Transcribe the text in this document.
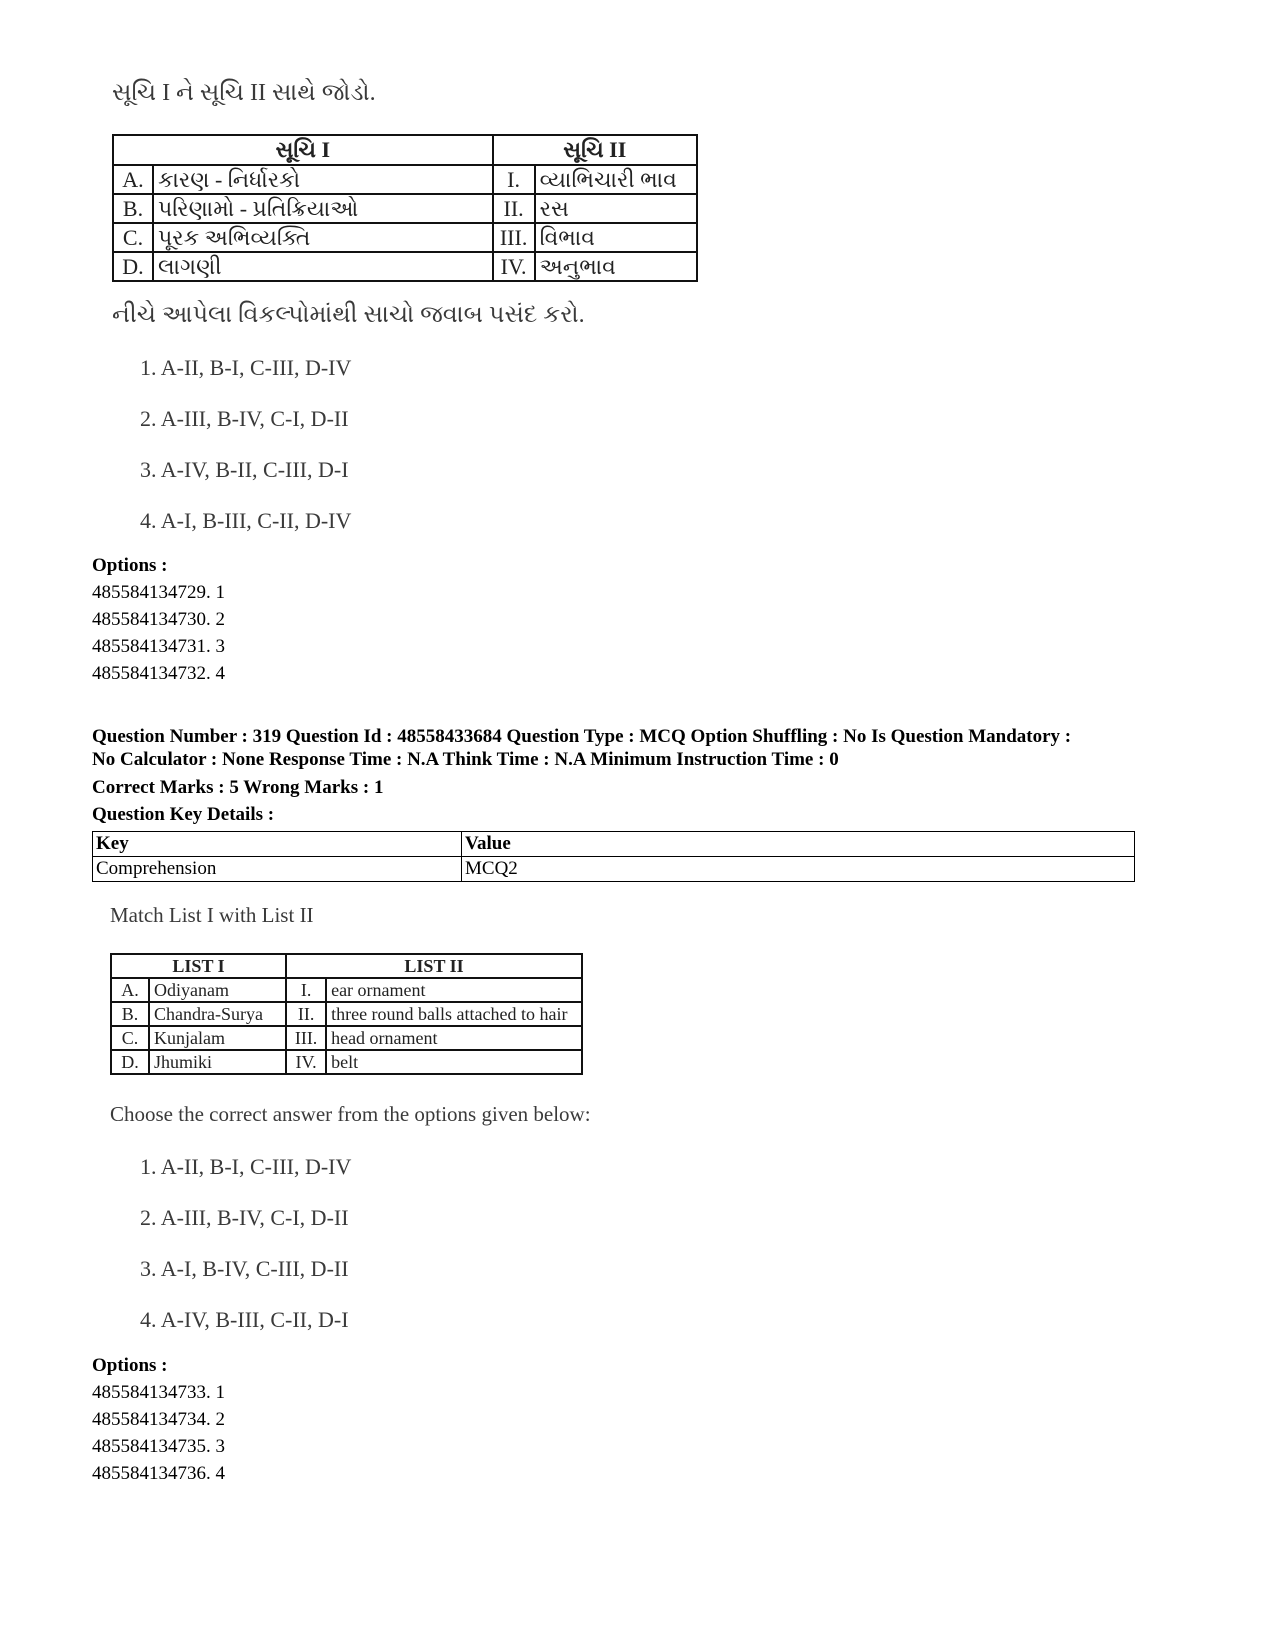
સૂચિ I ને સૂચિ II સાથે જોડો.
સૂચિ I		સૂચિ II	
A.	કારણ - નિર્ધારકો	I.	વ્યાભિચારી ભાવ
B.	પરિણામો - પ્રતિક્રિયાઓ	II.	રસ
C.	પૂરક અભિવ્યક્તિ	III.	વિભાવ
D.	લાગણી	IV.	અનુભાવ
નીચે આપેલા વિકલ્પોમાંથી સાચો જવાબ પસંદ કરો.
1. A-II, B-I, C-III, D-IV
2. A-III, B-IV, C-I, D-II
3. A-IV, B-II, C-III, D-I
4. A-I, B-III, C-II, D-IV
Options :
485584134729. 1
485584134730. 2
485584134731. 3
485584134732. 4
Question Number : 319 Question Id : 48558433684 Question Type : MCQ Option Shuffling : No Is Question Mandatory :
No Calculator : None Response Time : N.A Think Time : N.A Minimum Instruction Time : 0
Correct Marks : 5 Wrong Marks : 1
Question Key Details :
Key	Value
Comprehension	MCQ2
Match List I with List II
LIST I		LIST II	
A.	Odiyanam	I.	ear ornament
B.	Chandra-Surya	II.	three round balls attached to hair
C.	Kunjalam	III.	head ornament
D.	Jhumiki	IV.	belt
Choose the correct answer from the options given below:
1. A-II, B-I, C-III, D-IV
2. A-III, B-IV, C-I, D-II
3. A-I, B-IV, C-III, D-II
4. A-IV, B-III, C-II, D-I
Options :
485584134733. 1
485584134734. 2
485584134735. 3
485584134736. 4
